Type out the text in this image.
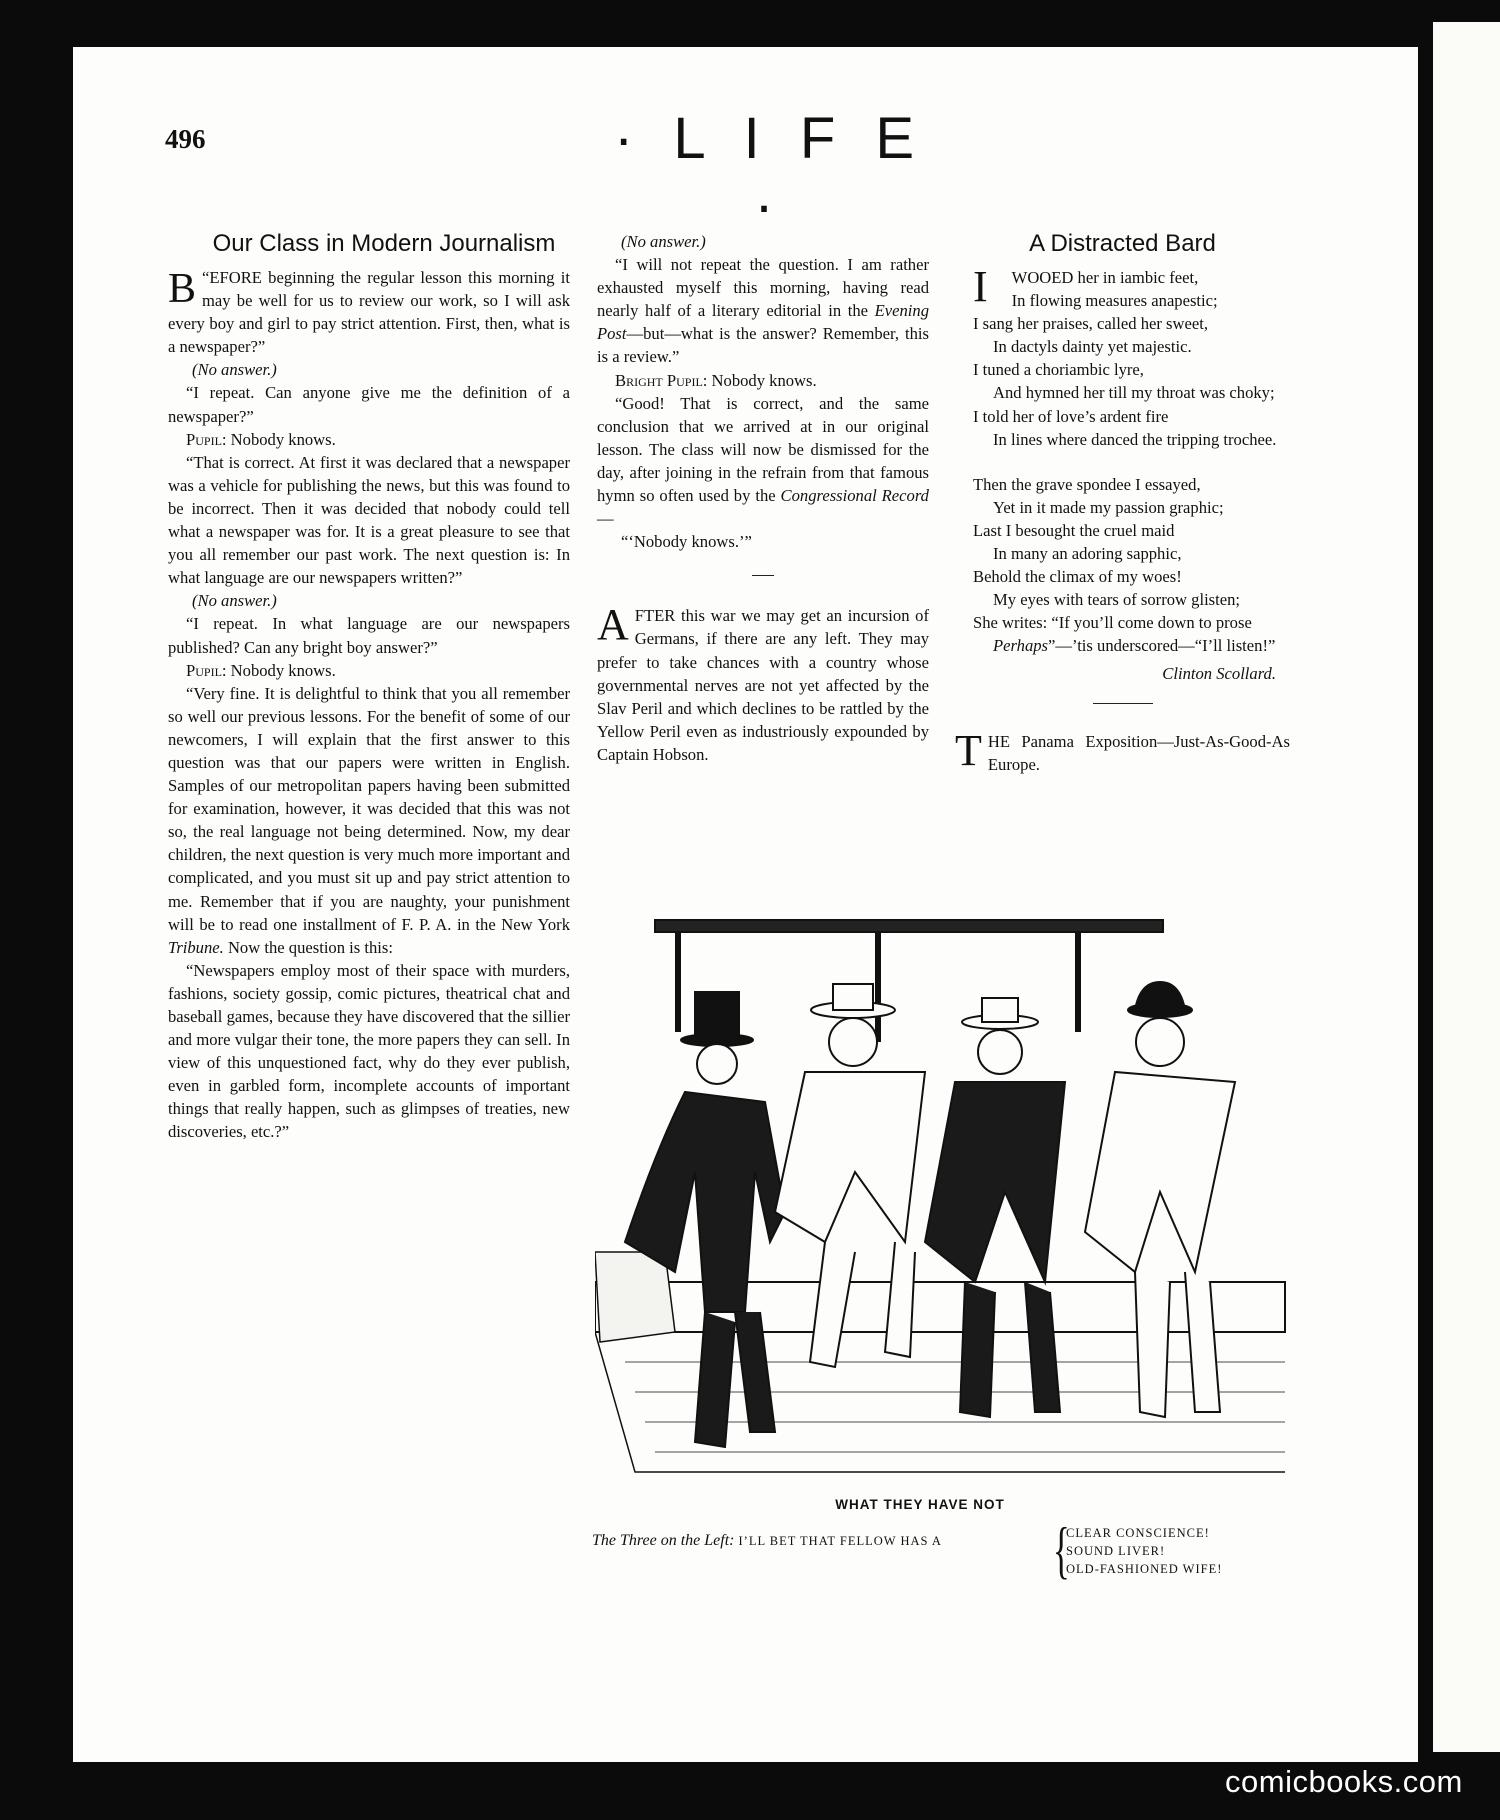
496	· L I F E ·
Our Class in Modern Journalism

“
B EFORE beginning the regular lesson this morning it may be well for us to review our work, so I will ask every boy and girl to pay strict attention. First, then, what is a newspaper?”

(No answer.)

“I repeat. Can anyone give me the definition of a newspaper?”

Pupil: Nobody knows.

“That is correct. At first it was declared that a newspaper was a vehicle for publishing the news, but this was found to be incorrect. Then it was decided that nobody could tell what a newspaper was for. It is a great pleasure to see that you all remember our past work. The next question is: In what language are our newspapers written?”

(No answer.)

“I repeat. In what language are our newspapers published? Can any bright boy answer?”

Pupil: Nobody knows.

“Very fine. It is delightful to think that you all remember so well our previous lessons. For the benefit of some of our newcomers, I will explain that the first answer to this question was that our papers were written in English. Samples of our metropolitan papers having been submitted for examination, however, it was decided that this was not so, the real language not being determined. Now, my dear children, the next question is very much more important and complicated, and you must sit up and pay strict attention to me. Remember that if you are naughty, your punishment will be to read one installment of F. P. A. in the New York Tribune. Now the question is this:

“Newspapers employ most of their space with murders, fashions, society gossip, comic pictures, theatrical chat and baseball games, because they have discovered that the sillier and more vulgar their tone, the more papers they can sell. In view of this unquestioned fact, why do they ever publish, even in garbled form, incomplete accounts of important things that really happen, such as glimpses of treaties, new discoveries, etc.?”

(No answer.)

“I will not repeat the question. I am rather exhausted myself this morning, having read nearly half of a literary editorial in the Evening Post—but—what is the answer? Remember, this is a review.”

Bright Pupil: Nobody knows.

“Good! That is correct, and the same conclusion that we arrived at in our original lesson. The class will now be dismissed for the day, after joining in the refrain from that famous hymn so often used by the Congressional Record—

“‘Nobody knows.’”

AFTER this war we may get an incursion of Germans, if there are any left. They may prefer to take chances with a country whose governmental nerves are not yet affected by the Slav Peril and which declines to be rattled by the Yellow Peril even as industriously expounded by Captain Hobson.

A Distracted Bard

I WOOED her in iambic feet,

In flowing measures anapestic;

I sang her praises, called her sweet,

In dactyls dainty yet majestic.

I tuned a choriambic lyre,

And hymned her till my throat was choky;

I told her of love’s ardent fire

In lines where danced the tripping trochee.

Then the grave spondee I essayed,

Yet in it made my passion graphic;

Last I besought the cruel maid

In many an adoring sapphic,

Behold the climax of my woes!

My eyes with tears of sorrow glisten;

She writes: “If you’ll come down to prose

Perhaps”—’tis underscored—“I’ll listen!”

Clinton Scollard.

THE Panama Exposition—Just-As-Good-As Europe.

WHAT THEY HAVE NOT
The Three on the Left: I’LL BET THAT FELLOW HAS A {
CLEAR CONSCIENCE!
SOUND LIVER!
OLD-FASHIONED WIFE!
comicbooks.com
